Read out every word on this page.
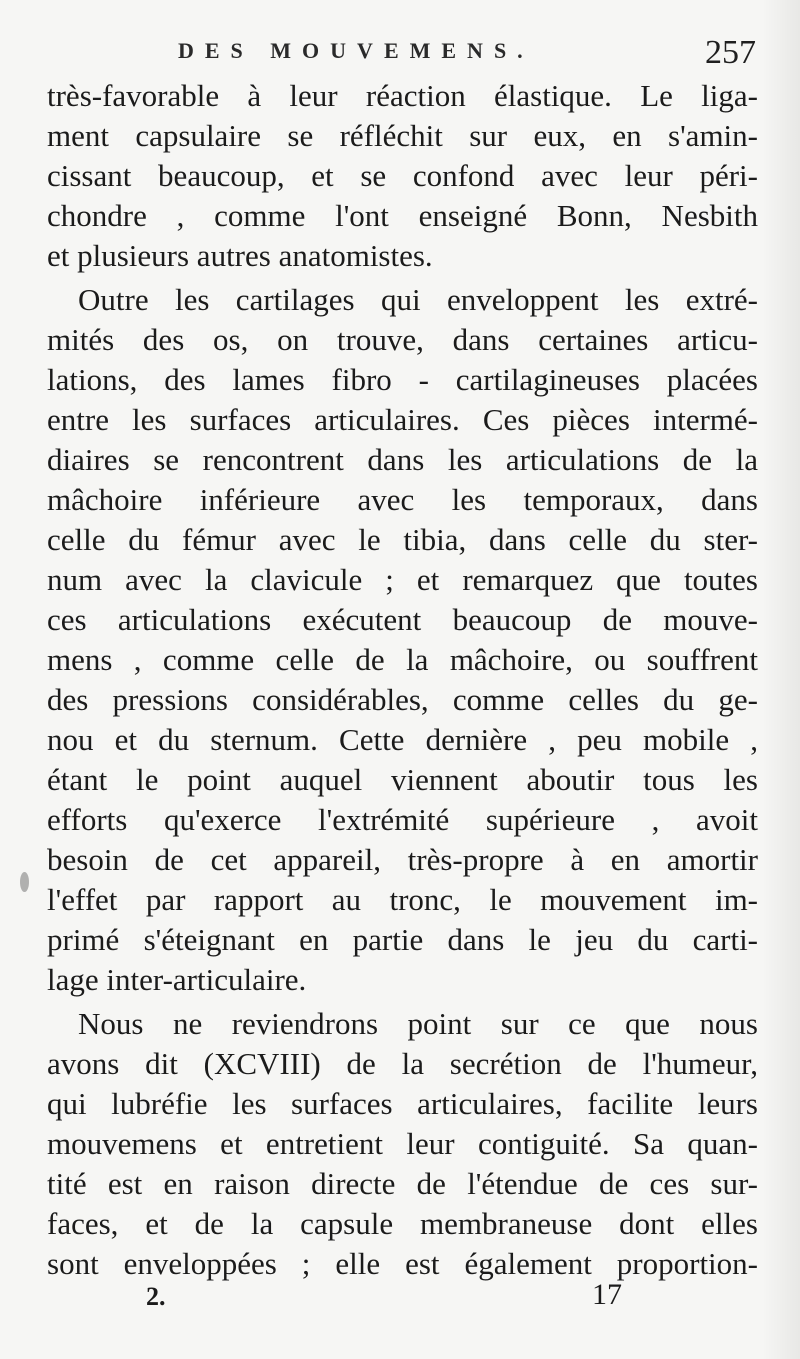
DES MOUVEMENS.	257
très-favorable à leur réaction élastique. Le liga-
ment capsulaire se réfléchit sur eux, en s'amin-
cissant beaucoup, et se confond avec leur péri-
chondre , comme l'ont enseigné Bonn, Nesbith
et plusieurs autres anatomistes.
Outre les cartilages qui enveloppent les extré-
mités des os, on trouve, dans certaines articu-
lations, des lames fibro - cartilagineuses placées
entre les surfaces articulaires. Ces pièces intermé-
diaires se rencontrent dans les articulations de la
mâchoire inférieure avec les temporaux, dans
celle du fémur avec le tibia, dans celle du ster-
num avec la clavicule ; et remarquez que toutes
ces articulations exécutent beaucoup de mouve-
mens , comme celle de la mâchoire, ou souffrent
des pressions considérables, comme celles du ge-
nou et du sternum. Cette dernière , peu mobile ,
étant le point auquel viennent aboutir tous les
efforts qu'exerce l'extrémité supérieure , avoit
besoin de cet appareil, très-propre à en amortir
l'effet par rapport au tronc, le mouvement im-
primé s'éteignant en partie dans le jeu du carti-
lage inter-articulaire.
Nous ne reviendrons point sur ce que nous
avons dit (XCVIII) de la secrétion de l'humeur,
qui lubréfie les surfaces articulaires, facilite leurs
mouvemens et entretient leur contiguité. Sa quan-
tité est en raison directe de l'étendue de ces sur-
faces, et de la capsule membraneuse dont elles
sont enveloppées ; elle est également proportion-
2.	17
